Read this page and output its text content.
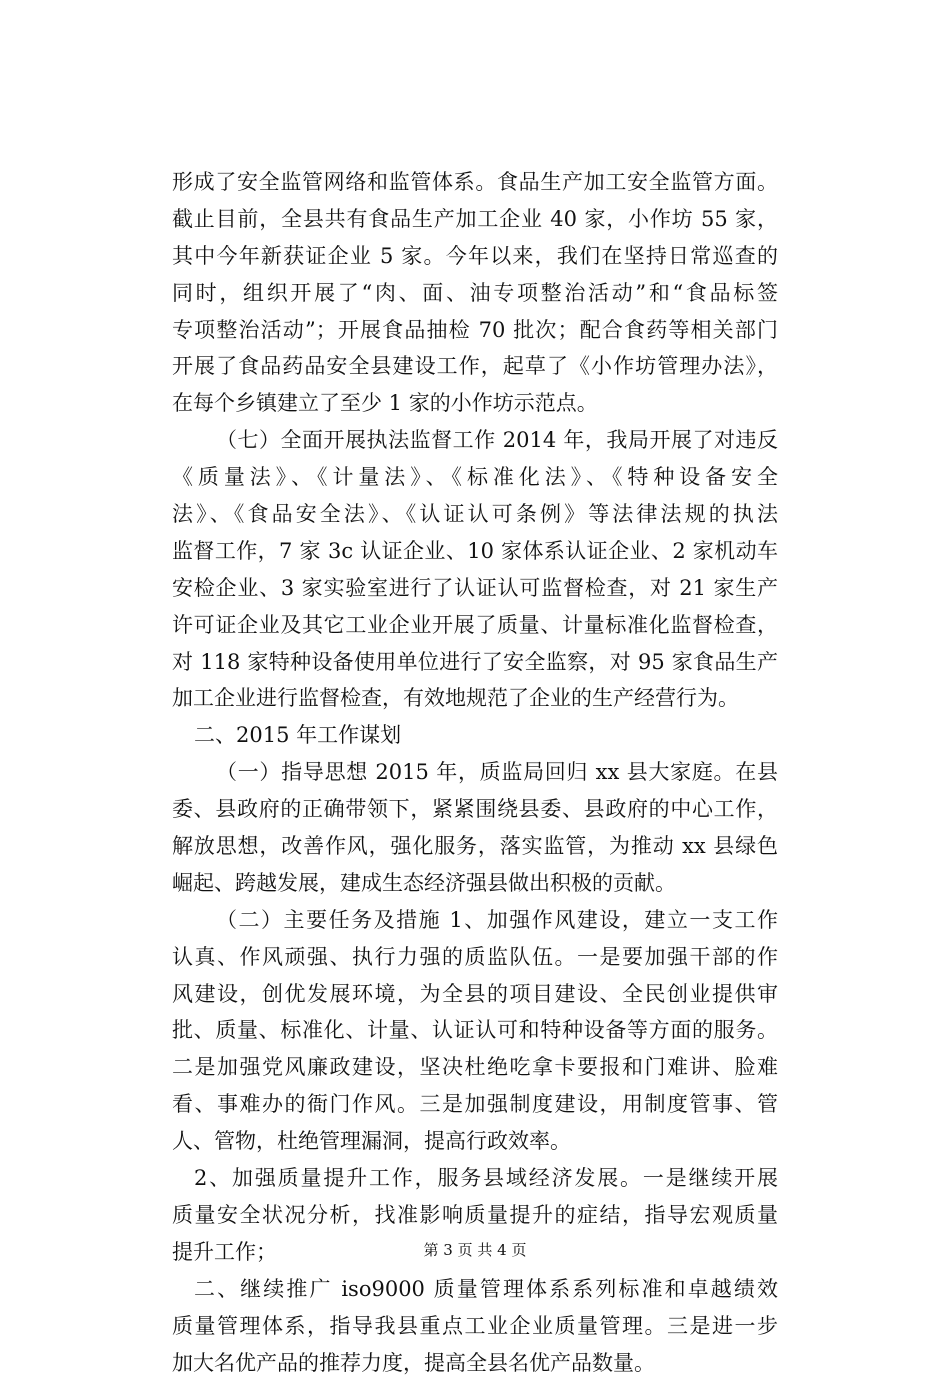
形成了安全监管网络和监管体系。食品生产加工安全监管方面。
截止目前，全县共有食品生产加工企业 40 家，小作坊 55 家，
其中今年新获证企业 5 家。今年以来，我们在坚持日常巡查的
同时，组织开展了“肉、面、油专项整治活动”和“食品标签
专项整治活动”；开展食品抽检 70 批次；配合食药等相关部门
开展了食品药品安全县建设工作，起草了《小作坊管理办法》，
在每个乡镇建立了至少 1 家的小作坊示范点。
（七）全面开展执法监督工作 2014 年，我局开展了对违反
《质量法》、《计量法》、《标准化法》、《特种设备安全
法》、《食品安全法》、《认证认可条例》等法律法规的执法
监督工作，7 家 3c 认证企业、10 家体系认证企业、2 家机动车
安检企业、3 家实验室进行了认证认可监督检查，对 21 家生产
许可证企业及其它工业企业开展了质量、计量标准化监督检查，
对 118 家特种设备使用单位进行了安全监察，对 95 家食品生产
加工企业进行监督检查，有效地规范了企业的生产经营行为。
二、2015 年工作谋划
（一）指导思想 2015 年，质监局回归 xx 县大家庭。在县
委、县政府的正确带领下，紧紧围绕县委、县政府的中心工作，
解放思想，改善作风，强化服务，落实监管，为推动 xx 县绿色
崛起、跨越发展，建成生态经济强县做出积极的贡献。
（二）主要任务及措施 1、加强作风建设，建立一支工作
认真、作风顽强、执行力强的质监队伍。一是要加强干部的作
风建设，创优发展环境，为全县的项目建设、全民创业提供审
批、质量、标准化、计量、认证认可和特种设备等方面的服务。
二是加强党风廉政建设，坚决杜绝吃拿卡要报和门难讲、脸难
看、事难办的衙门作风。三是加强制度建设，用制度管事、管
人、管物，杜绝管理漏洞，提高行政效率。
2、加强质量提升工作，服务县域经济发展。一是继续开展
质量安全状况分析，找准影响质量提升的症结，指导宏观质量
提升工作；
二、继续推广 iso9000 质量管理体系系列标准和卓越绩效
质量管理体系，指导我县重点工业企业质量管理。三是进一步
加大名优产品的推荐力度，提高全县名优产品数量。
第 3 页 共 4 页
